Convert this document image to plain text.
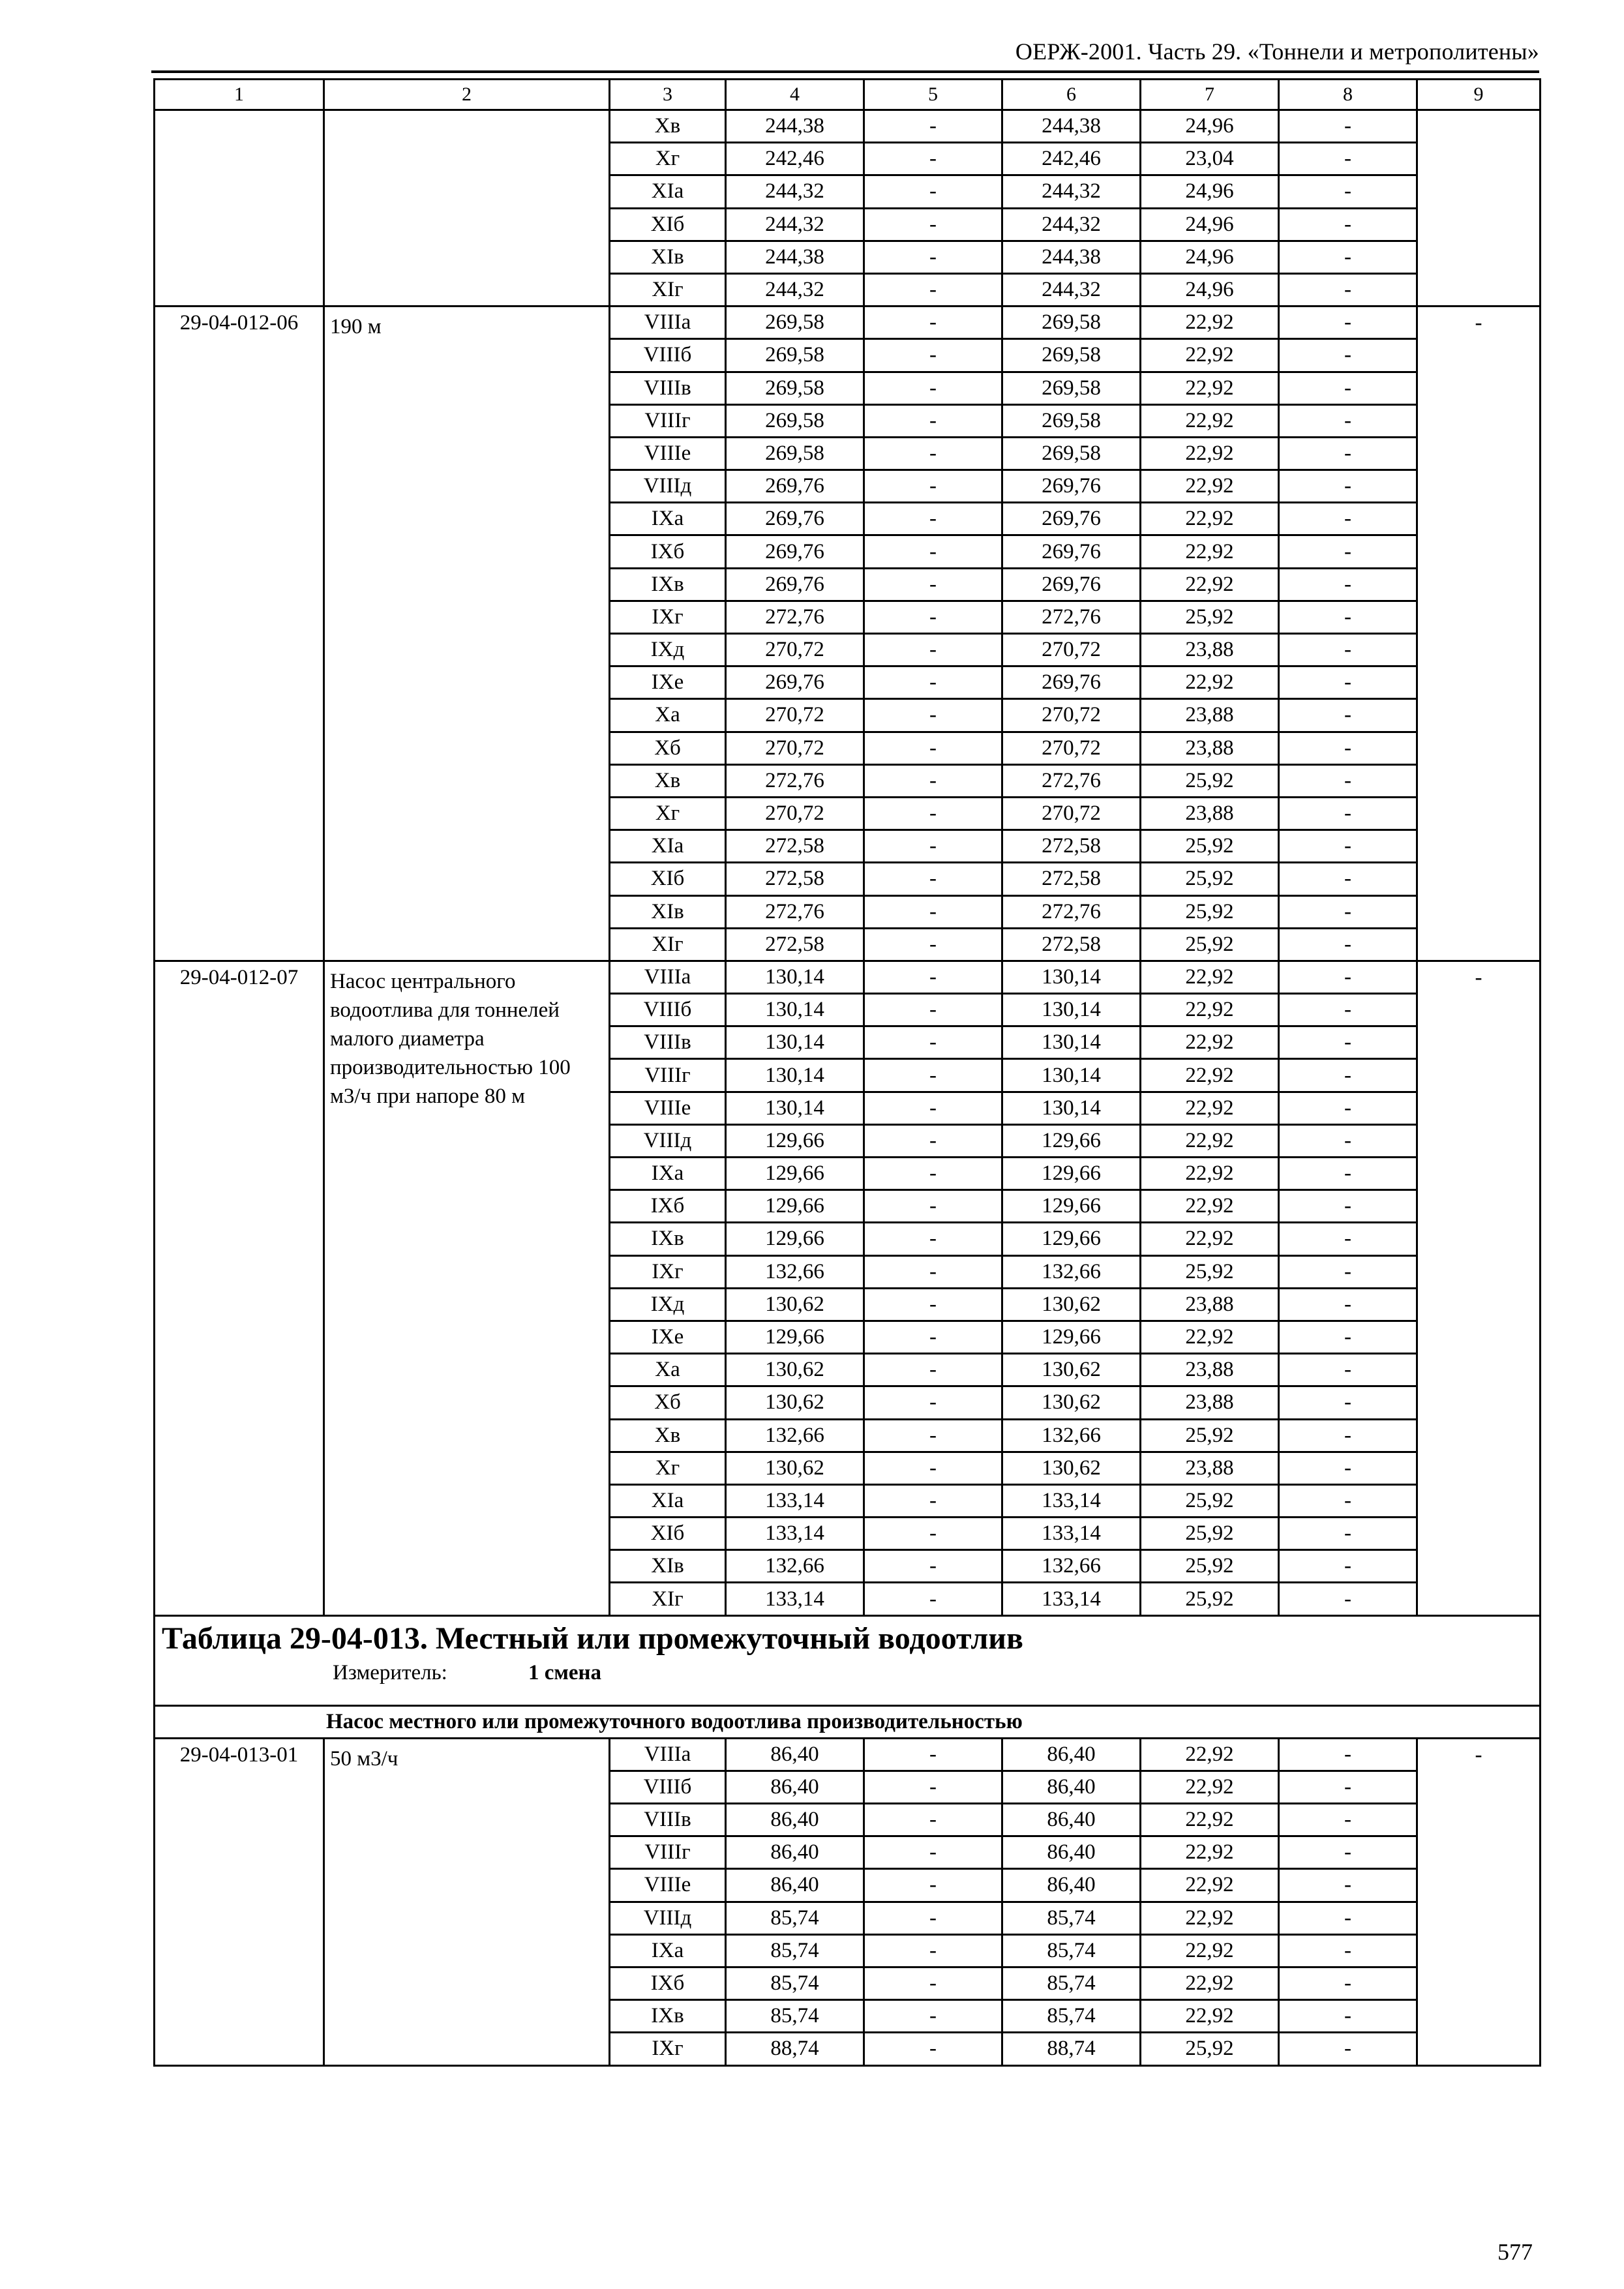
ОЕРЖ-2001. Часть 29. «Тоннели и метрополитены»
1	2	3	4	5	6	7	8	9
		Xв	244,38	-	244,38	24,96	-	
		Xг	242,46	-	242,46	23,04	-	
		XIа	244,32	-	244,32	24,96	-	
		XIб	244,32	-	244,32	24,96	-	
		XIв	244,38	-	244,38	24,96	-	
		XIг	244,32	-	244,32	24,96	-	
29-04-012-06	190 м	VIIIа	269,58	-	269,58	22,92	-	-
		VIIIб	269,58	-	269,58	22,92	-	
		VIIIв	269,58	-	269,58	22,92	-	
		VIIIг	269,58	-	269,58	22,92	-	
		VIIIе	269,58	-	269,58	22,92	-	
		VIIIд	269,76	-	269,76	22,92	-	
		IXа	269,76	-	269,76	22,92	-	
		IXб	269,76	-	269,76	22,92	-	
		IXв	269,76	-	269,76	22,92	-	
		IXг	272,76	-	272,76	25,92	-	
		IXд	270,72	-	270,72	23,88	-	
		IXе	269,76	-	269,76	22,92	-	
		Xа	270,72	-	270,72	23,88	-	
		Xб	270,72	-	270,72	23,88	-	
		Xв	272,76	-	272,76	25,92	-	
		Xг	270,72	-	270,72	23,88	-	
		XIа	272,58	-	272,58	25,92	-	
		XIб	272,58	-	272,58	25,92	-	
		XIв	272,76	-	272,76	25,92	-	
		XIг	272,58	-	272,58	25,92	-	
29-04-012-07	Насос центрального водоотлива для тоннелей малого диаметра производительностью 100 м3/ч при напоре 80 м	VIIIа	130,14	-	130,14	22,92	-	-
		VIIIб	130,14	-	130,14	22,92	-	
		VIIIв	130,14	-	130,14	22,92	-	
		VIIIг	130,14	-	130,14	22,92	-	
		VIIIе	130,14	-	130,14	22,92	-	
		VIIIд	129,66	-	129,66	22,92	-	
		IXа	129,66	-	129,66	22,92	-	
		IXб	129,66	-	129,66	22,92	-	
		IXв	129,66	-	129,66	22,92	-	
		IXг	132,66	-	132,66	25,92	-	
		IXд	130,62	-	130,62	23,88	-	
		IXе	129,66	-	129,66	22,92	-	
		Xа	130,62	-	130,62	23,88	-	
		Xб	130,62	-	130,62	23,88	-	
		Xв	132,66	-	132,66	25,92	-	
		Xг	130,62	-	130,62	23,88	-	
		XIа	133,14	-	133,14	25,92	-	
		XIб	133,14	-	133,14	25,92	-	
		XIв	132,66	-	132,66	25,92	-	
		XIг	133,14	-	133,14	25,92	-	

Таблица 29-04-013. Местный или промежуточный водоотлив
Измеритель: 1 смена								

Насос местного или промежуточного водоотлива производительностью								
29-04-013-01	50 м3/ч	VIIIа	86,40	-	86,40	22,92	-	-
		VIIIб	86,40	-	86,40	22,92	-	
		VIIIв	86,40	-	86,40	22,92	-	
		VIIIг	86,40	-	86,40	22,92	-	
		VIIIе	86,40	-	86,40	22,92	-	
		VIIIд	85,74	-	85,74	22,92	-	
		IXа	85,74	-	85,74	22,92	-	
		IXб	85,74	-	85,74	22,92	-	
		IXв	85,74	-	85,74	22,92	-	
		IXг	88,74	-	88,74	25,92	-	
577
